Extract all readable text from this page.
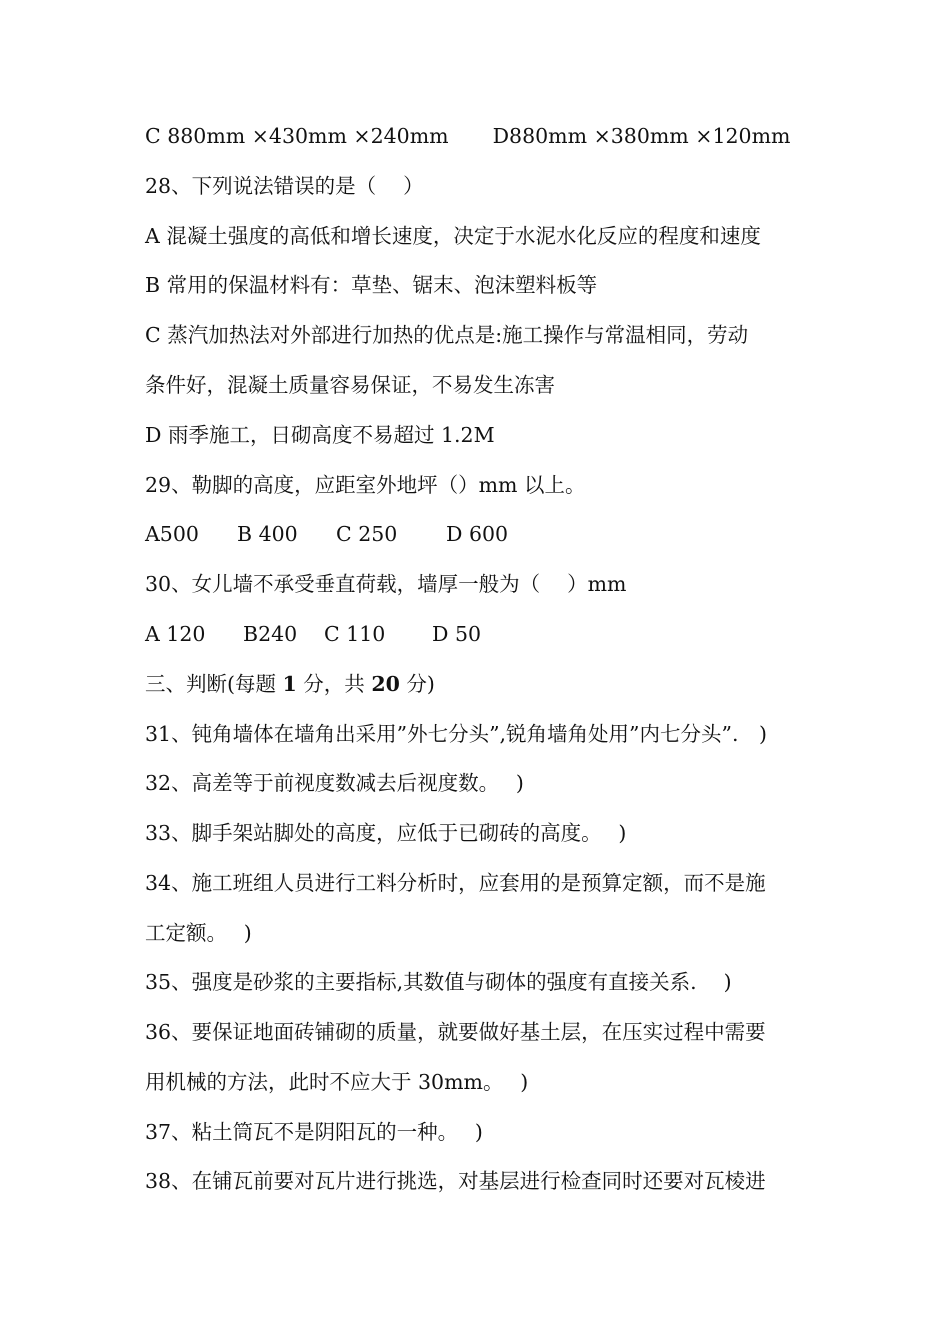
C 880mm ×430mm ×240mm D880mm ×380mm ×120mm
28、下列说法错误的是（　 ）
A 混凝土强度的高低和增长速度，决定于水泥水化反应的程度和速度
B 常用的保温材料有：草垫、锯末、泡沫塑料板等
C 蒸汽加热法对外部进行加热的优点是:施工操作与常温相同，劳动
条件好，混凝土质量容易保证，不易发生冻害
D 雨季施工，日砌高度不易超过 1.2M
29、勒脚的高度，应距室外地坪（）mm 以上。
A500 B 400 C 250 D 600
30、女儿墙不承受垂直荷载，墙厚一般为（　 ）mm
A 120 B240 C 110 D 50
三、判断(每题 1 分，共 20 分)
31、钝角墙体在墙角出采用”外七分头”,锐角墙角处用”内七分头”.　)
32、高差等于前视度数减去后视度数。　 )
33、脚手架站脚处的高度，应低于已砌砖的高度。　 )
34、施工班组人员进行工料分析时，应套用的是预算定额，而不是施
工定额。　 )
35、强度是砂浆的主要指标,其数值与砌体的强度有直接关系.　 )
36、要保证地面砖铺砌的质量，就要做好基土层，在压实过程中需要
用机械的方法，此时不应大于 30mm。　 )
37、粘土筒瓦不是阴阳瓦的一种。　 )
38、在铺瓦前要对瓦片进行挑选，对基层进行检查同时还要对瓦棱进
